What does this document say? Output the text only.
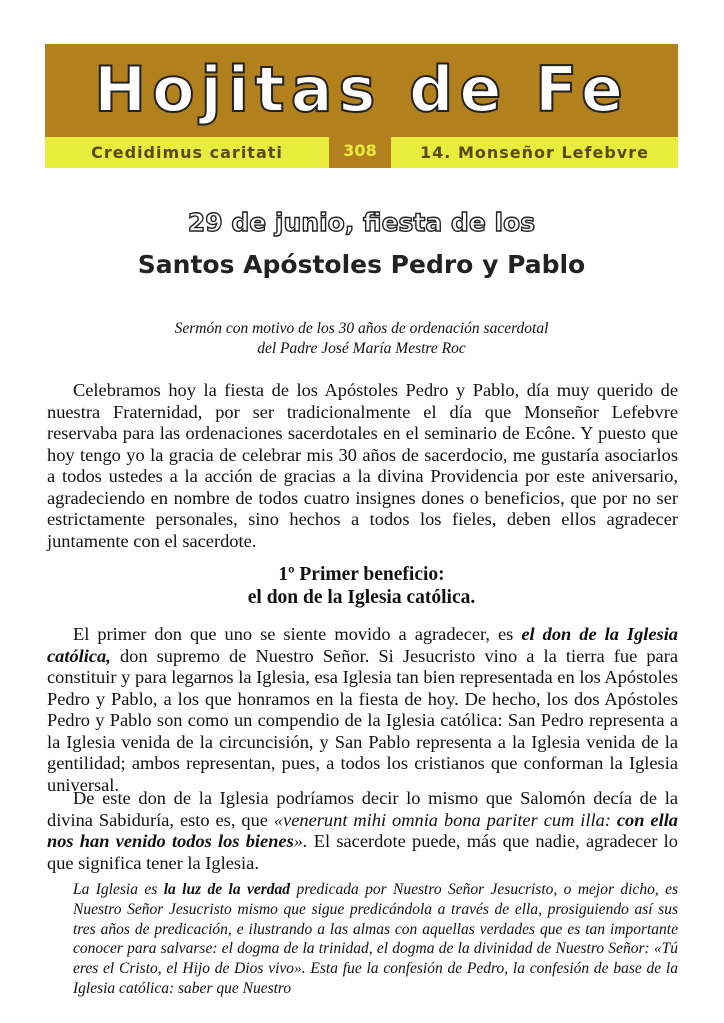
Hojitas de Fe
Credidimus caritati	308	14. Monseñor Lefebvre
29 de junio, fiesta de los
Santos Apóstoles Pedro y Pablo
Sermón con motivo de los 30 años de ordenación sacerdotal
del Padre José María Mestre Roc
Celebramos hoy la fiesta de los Apóstoles Pedro y Pablo, día muy querido de nuestra Fraternidad, por ser tradicionalmente el día que Monseñor Lefebvre reservaba para las ordenaciones sacerdotales en el seminario de Ecône. Y puesto que hoy tengo yo la gracia de celebrar mis 30 años de sacerdocio, me gustaría asociarlos a todos ustedes a la acción de gracias a la divina Providencia por este aniversario, agradeciendo en nombre de todos cuatro insignes dones o beneficios, que por no ser estrictamente personales, sino hechos a todos los fieles, deben ellos agradecer juntamente con el sacerdote.
1º Primer beneficio:
el don de la Iglesia católica.
El primer don que uno se siente movido a agradecer, es el don de la Iglesia católica, don supremo de Nuestro Señor. Si Jesucristo vino a la tierra fue para constituir y para legarnos la Iglesia, esa Iglesia tan bien representada en los Apóstoles Pedro y Pablo, a los que honramos en la fiesta de hoy. De hecho, los dos Apóstoles Pedro y Pablo son como un compendio de la Iglesia católica: San Pedro representa a la Iglesia venida de la circuncisión, y San Pablo representa a la Iglesia venida de la gentilidad; ambos representan, pues, a todos los cristianos que conforman la Iglesia universal.
De este don de la Iglesia podríamos decir lo mismo que Salomón decía de la divina Sabiduría, esto es, que «venerunt mihi omnia bona pariter cum illa: con ella nos han venido todos los bienes». El sacerdote puede, más que nadie, agradecer lo que significa tener la Iglesia.
La Iglesia es la luz de la verdad predicada por Nuestro Señor Jesucristo, o mejor dicho, es Nuestro Señor Jesucristo mismo que sigue predicándola a través de ella, prosiguiendo así sus tres años de predicación, e ilustrando a las almas con aquellas verdades que es tan importante conocer para salvarse: el dogma de la trinidad, el dogma de la divinidad de Nuestro Señor: «Tú eres el Cristo, el Hijo de Dios vivo». Esta fue la confesión de Pedro, la confesión de base de la Iglesia católica: saber que Nuestro
